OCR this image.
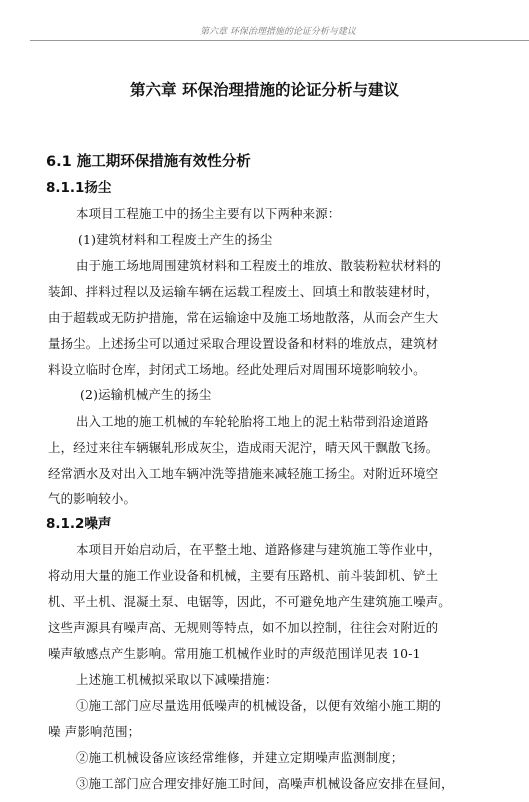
第六章 环保治理措施的论证分析与建议
第六章 环保治理措施的论证分析与建议
6.1 施工期环保措施有效性分析
8.1.1扬尘
本项目工程施工中的扬尘主要有以下两种来源：
(1)建筑材料和工程废土产生的扬尘
由于施工场地周围建筑材料和工程废土的堆放、散装粉粒状材料的
装卸、拌料过程以及运输车辆在运载工程废土、回填土和散装建材时，
由于超载或无防护措施，常在运输途中及施工场地散落，从而会产生大
量扬尘。上述扬尘可以通过采取合理设置设备和材料的堆放点，建筑材
料设立临时仓库，封闭式工场地。经此处理后对周围环境影响较小。
(2)运输机械产生的扬尘
出入工地的施工机械的车轮轮胎将工地上的泥土粘带到沿途道路
上，经过来往车辆辗轧形成灰尘，造成雨天泥泞，晴天风干飘散飞扬。
经常洒水及对出入工地车辆冲洗等措施来减轻施工扬尘。对附近环境空
气的影响较小。
8.1.2噪声
本项目开始启动后，在平整土地、道路修建与建筑施工等作业中，
将动用大量的施工作业设备和机械，主要有压路机、前斗装卸机、铲土
机、平土机、混凝土泵、电锯等，因此，不可避免地产生建筑施工噪声。
这些声源具有噪声高、无规则等特点，如不加以控制，往往会对附近的
噪声敏感点产生影响。常用施工机械作业时的声级范围详见表 10-1
上述施工机械拟采取以下减噪措施：
①施工部门应尽量选用低噪声的机械设备，以便有效缩小施工期的
噪 声影响范围；
②施工机械设备应该经常维修，并建立定期噪声监测制度；
③施工部门应合理安排好施工时间，高噪声机械设备应安排在昼间，
